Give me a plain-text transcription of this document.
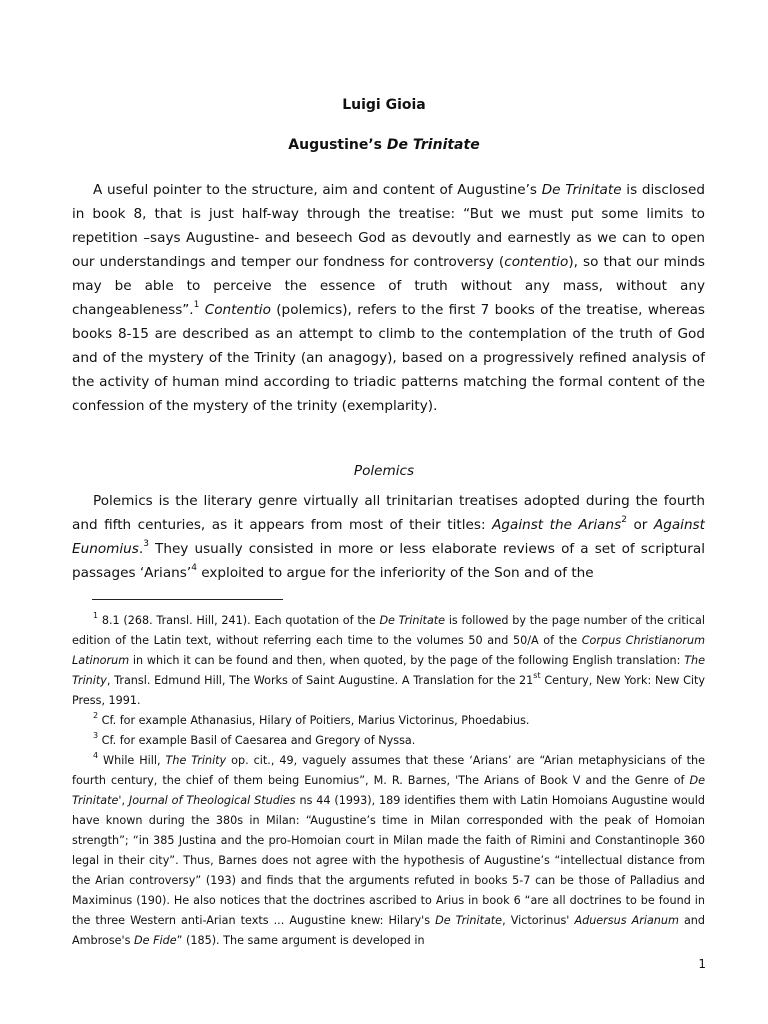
Luigi Gioia
Augustine’s De Trinitate

A useful pointer to the structure, aim and content of Augustine’s De Trinitate is disclosed in book 8, that is just half-way through the treatise: “But we must put some limits to repetition –says Augustine- and beseech God as devoutly and earnestly as we can to open our understandings and temper our fondness for controversy (contentio), so that our minds may be able to perceive the essence of truth without any mass, without any changeableness”.$^1$ Contentio (polemics), refers to the first 7 books of the treatise, whereas books 8-15 are described as an attempt to climb to the contemplation of the truth of God and of the mystery of the Trinity (an anagogy), based on a progressively refined analysis of the activity of human mind according to triadic patterns matching the formal content of the confession of the mystery of the trinity (exemplarity).

Polemics

Polemics is the literary genre virtually all trinitarian treatises adopted during the fourth and fifth centuries, as it appears from most of their titles: Against the Arians$^2$ or Against Eunomius.$^3$ They usually consisted in more or less elaborate reviews of a set of scriptural passages ‘Arians’$^4$ exploited to argue for the inferiority of the Son and of the

$^1$ 8.1 (268. Transl. Hill, 241). Each quotation of the De Trinitate is followed by the page number of the critical edition of the Latin text, without referring each time to the volumes 50 and 50/A of the Corpus Christianorum Latinorum in which it can be found and then, when quoted, by the page of the following English translation: The Trinity, Transl. Edmund Hill, The Works of Saint Augustine. A Translation for the 21st Century, New York: New City Press, 1991.

$^2$ Cf. for example Athanasius, Hilary of Poitiers, Marius Victorinus, Phoedabius.

$^3$ Cf. for example Basil of Caesarea and Gregory of Nyssa.

$^4$ While Hill, The Trinity op. cit., 49, vaguely assumes that these ‘Arians’ are “Arian metaphysicians of the fourth century, the chief of them being Eunomius”, M. R. Barnes, 'The Arians of Book V and the Genre of De Trinitate', Journal of Theological Studies ns 44 (1993), 189 identifies them with Latin Homoians Augustine would have known during the 380s in Milan: “Augustine’s time in Milan corresponded with the peak of Homoian strength”; “in 385 Justina and the pro-Homoian court in Milan made the faith of Rimini and Constantinople 360 legal in their city”. Thus, Barnes does not agree with the hypothesis of Augustine’s “intellectual distance from the Arian controversy” (193) and finds that the arguments refuted in books 5-7 can be those of Palladius and Maximinus (190). He also notices that the doctrines ascribed to Arius in book 6 “are all doctrines to be found in the three Western anti-Arian texts ... Augustine knew: Hilary's De Trinitate, Victorinus' Aduersus Arianum and Ambrose's De Fide” (185). The same argument is developed in

1
